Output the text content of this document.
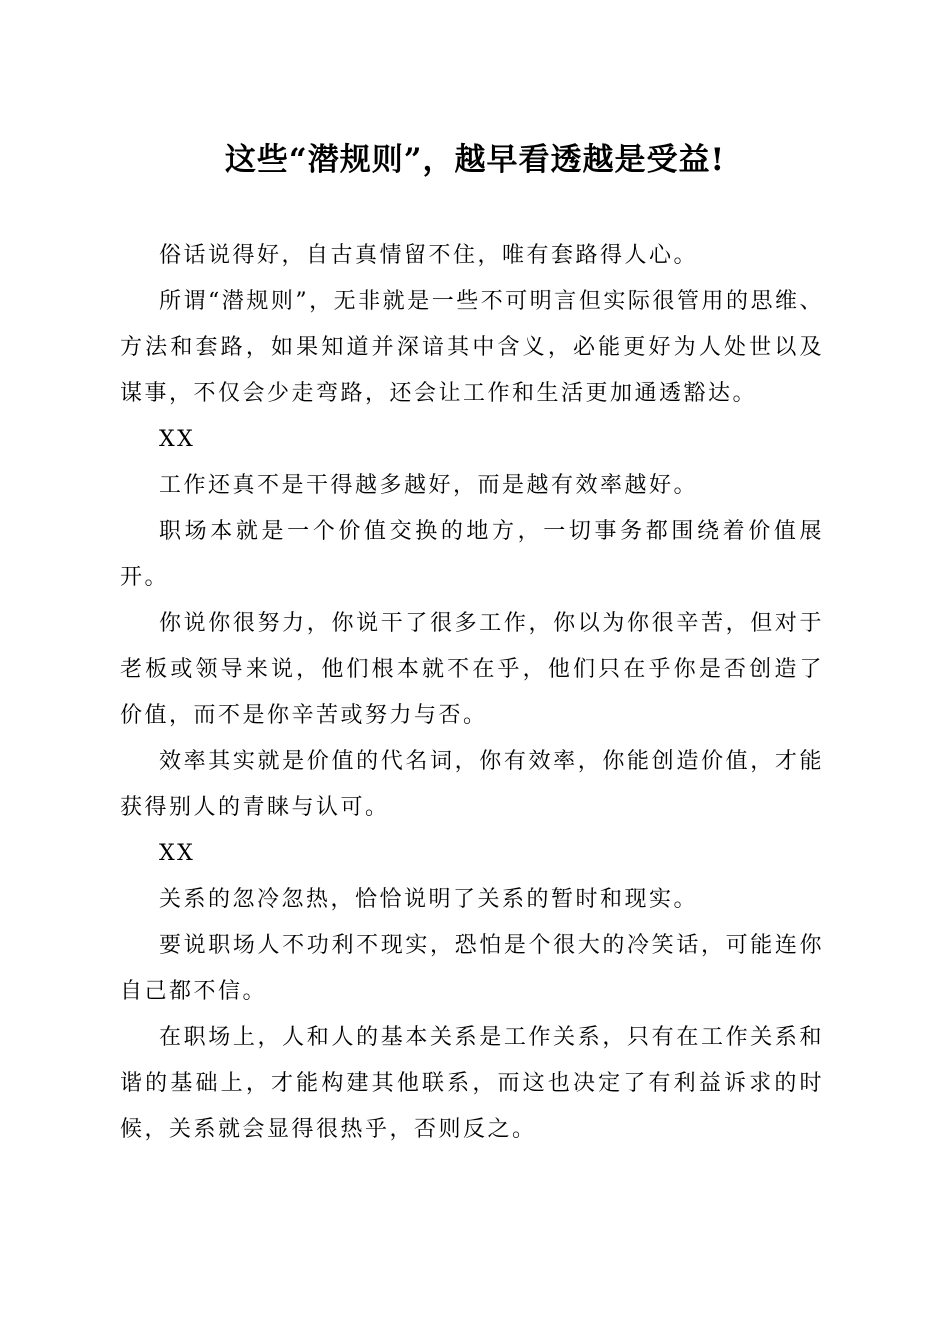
这些“潜规则”，越早看透越是受益!

俗话说得好，自古真情留不住，唯有套路得人心。

所谓“潜规则”，无非就是一些不可明言但实际很管用的思维、方法和套路，如果知道并深谙其中含义，必能更好为人处世以及谋事，不仅会少走弯路，还会让工作和生活更加通透豁达。

XX

工作还真不是干得越多越好，而是越有效率越好。

职场本就是一个价值交换的地方，一切事务都围绕着价值展开。

你说你很努力，你说干了很多工作，你以为你很辛苦，但对于老板或领导来说，他们根本就不在乎，他们只在乎你是否创造了价值，而不是你辛苦或努力与否。

效率其实就是价值的代名词，你有效率，你能创造价值，才能获得别人的青睐与认可。

XX

关系的忽冷忽热，恰恰说明了关系的暂时和现实。

要说职场人不功利不现实，恐怕是个很大的冷笑话，可能连你自己都不信。

在职场上，人和人的基本关系是工作关系，只有在工作关系和谐的基础上，才能构建其他联系，而这也决定了有利益诉求的时候，关系就会显得很热乎，否则反之。
